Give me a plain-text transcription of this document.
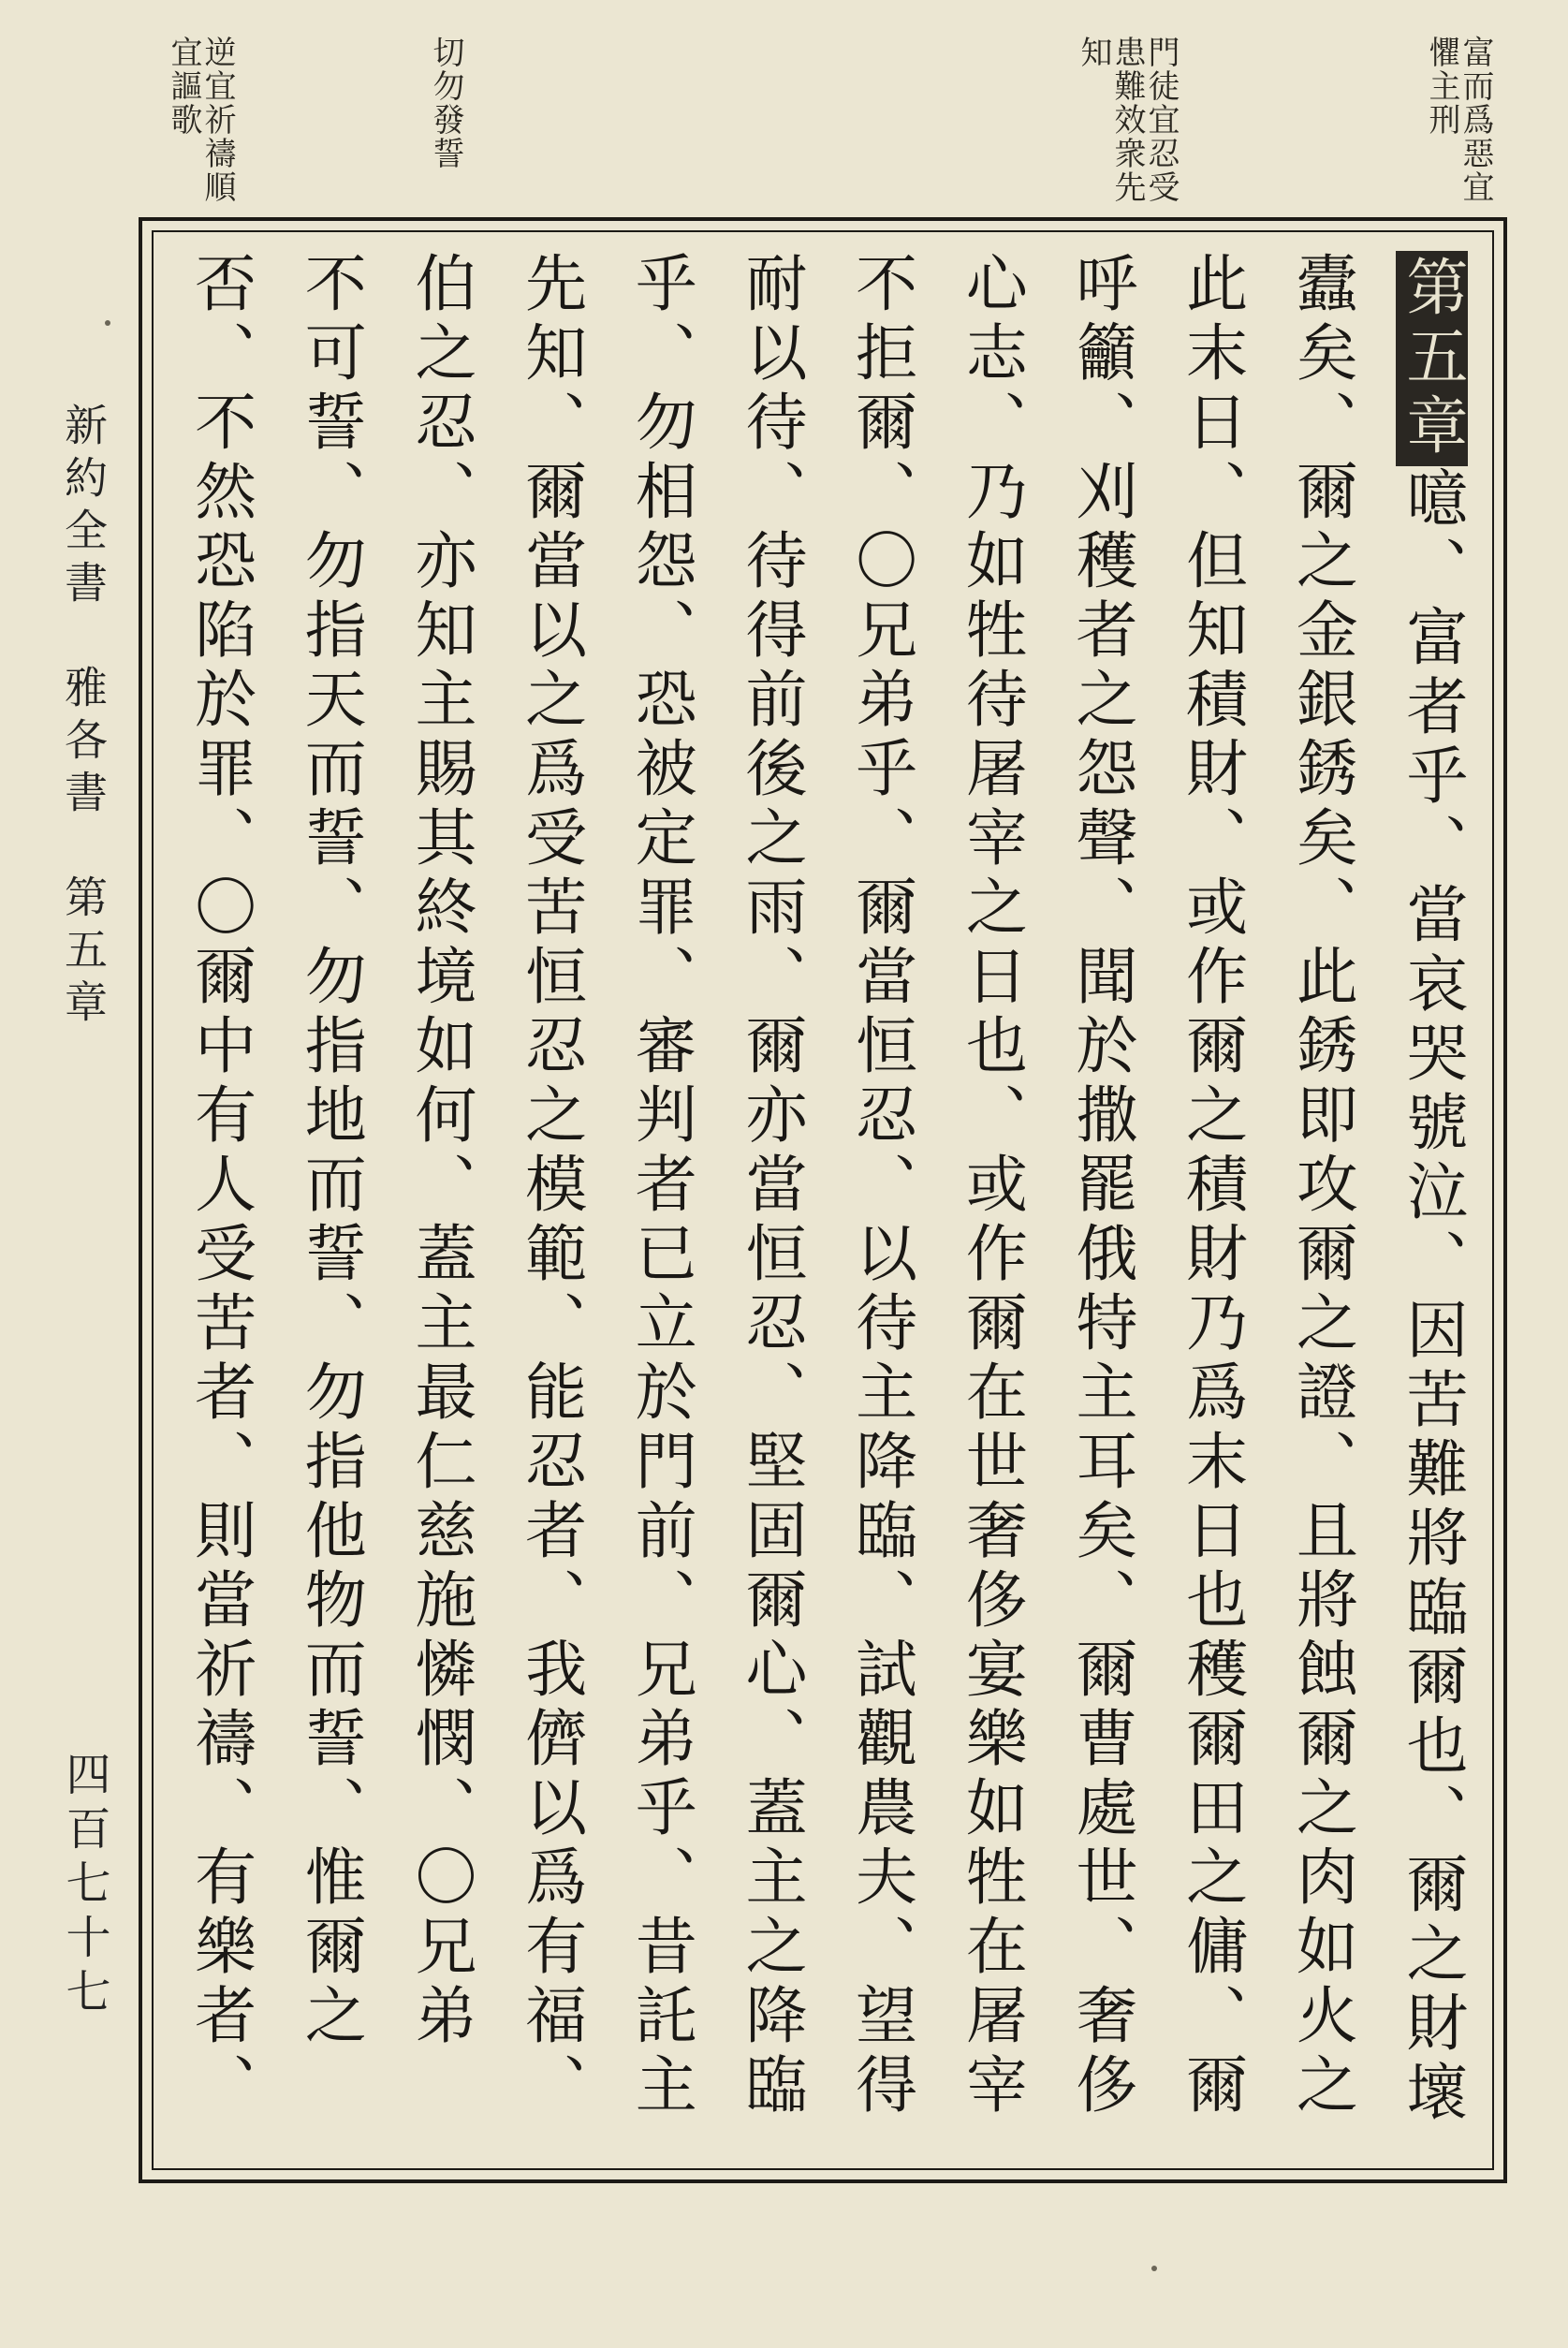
富而爲惡宜懼主刑
門徒宜忍受患難效衆先知
切勿發誓
逆宜祈禱順宜謳歌
第五章噫、富者乎、當哀哭號泣、因苦難將臨爾也、爾之財壞
蠹矣、爾之金銀銹矣、此銹即攻爾之證、且將蝕爾之肉如火之
此末日、但知積財、或作爾之積財乃爲末日也穫爾田之傭、爾
呼籲、刈穫者之怨聲、聞於撒罷俄特主耳矣、爾曹處世、奢侈
心志、乃如牲待屠宰之日也、或作爾在世奢侈宴樂如牲在屠宰
不拒爾、〇兄弟乎、爾當恒忍、以待主降臨、試觀農夫、望得
耐以待、待得前後之雨、爾亦當恒忍、堅固爾心、蓋主之降臨
乎、勿相怨、恐被定罪、審判者已立於門前、兄弟乎、昔託主
先知、爾當以之爲受苦恒忍之模範、能忍者、我儕以爲有福、
伯之忍、亦知主賜其終境如何、蓋主最仁慈施憐憫、〇兄弟
不可誓、勿指天而誓、勿指地而誓、勿指他物而誓、惟爾之
否、不然恐陷於罪、〇爾中有人受苦者、則當祈禱、有樂者、
新約全書　雅各書　第五章
四百七十七
